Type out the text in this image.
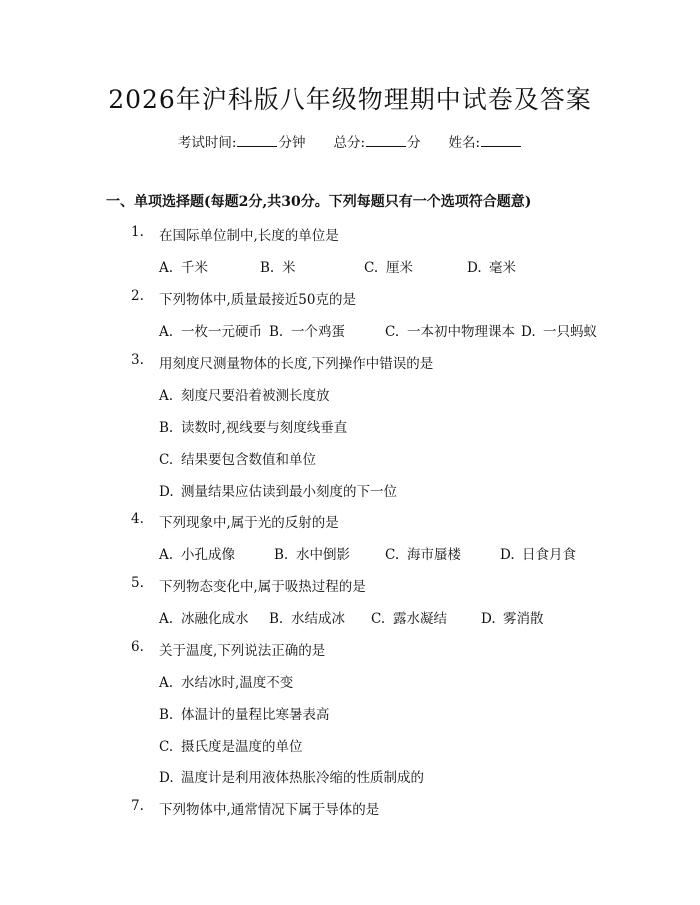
2026年沪科版八年级物理期中试卷及答案
考试时间:	分钟 总分:	分 姓名:
一、单项选择题(每题2分,共30分。下列每题只有一个选项符合题意)
1. 在国际单位制中,长度的单位是
A. 千米	B. 米	C. 厘米	D. 毫米
2. 下列物体中,质量最接近50克的是
A. 一枚一元硬币 B. 一个鸡蛋	C. 一本初中物理课本 D. 一只蚂蚁
3. 用刻度尺测量物体的长度,下列操作中错误的是
A. 刻度尺要沿着被测长度放
B. 读数时,视线要与刻度线垂直
C. 结果要包含数值和单位
D. 测量结果应估读到最小刻度的下一位
4. 下列现象中,属于光的反射的是
A. 小孔成像	B. 水中倒影	C. 海市蜃楼	D. 日食月食
5. 下列物态变化中,属于吸热过程的是
A. 冰融化成水 B. 水结成冰 C. 露水凝结	D. 雾消散
6. 关于温度,下列说法正确的是
A. 水结冰时,温度不变
B. 体温计的量程比寒暑表高
C. 摄氏度是温度的单位
D. 温度计是利用液体热胀冷缩的性质制成的
7. 下列物体中,通常情况下属于导体的是
